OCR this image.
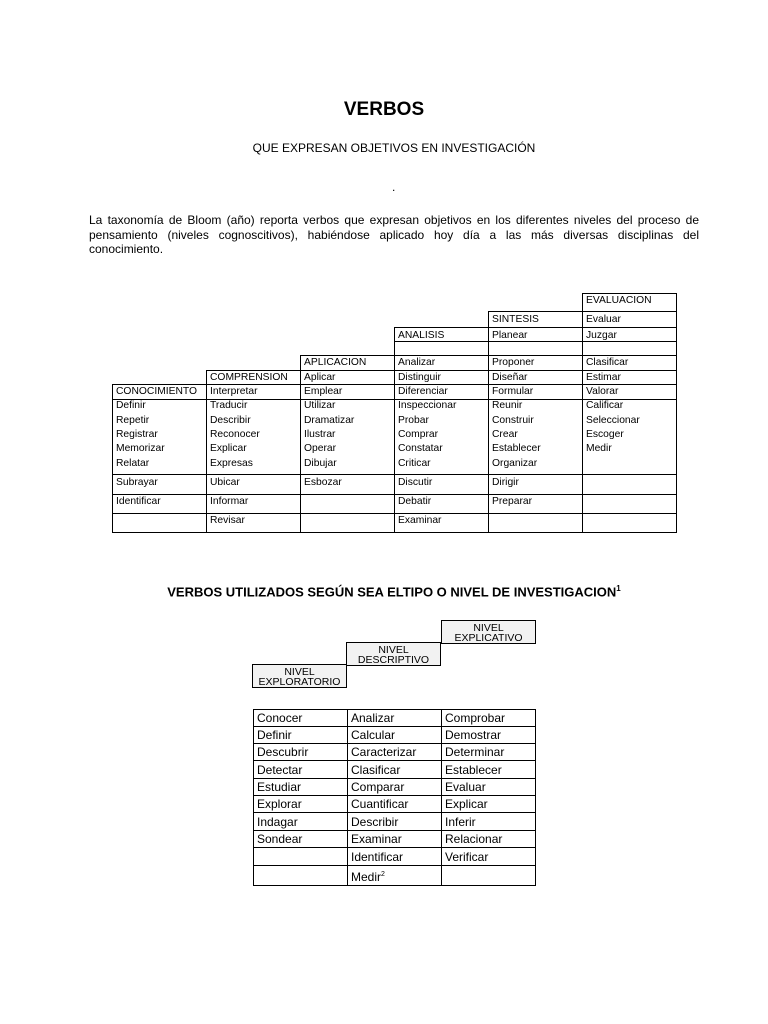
VERBOS
QUE EXPRESAN OBJETIVOS EN INVESTIGACIÓN
.
La taxonomía de Bloom (año) reporta verbos que expresan objetivos en los diferentes niveles del proceso de pensamiento (niveles cognoscitivos), habiéndose aplicado hoy día a las más diversas disciplinas del conocimiento.
CONOCIMIENTO
COMPRENSION
APLICACION
ANALISIS
SINTESIS
EVALUACION
Definir
Repetir
Registrar
Memorizar
Relatar
Subrayar
Identificar
Interpretar
Traducir
Describir
Reconocer
Explicar
Expresas
Ubicar
Informar
Revisar
Aplicar
Emplear
Utilizar
Dramatizar
Ilustrar
Operar
Dibujar
Esbozar
Analizar
Distinguir
Diferenciar
Inspeccionar
Probar
Comprar
Constatar
Criticar
Discutir
Debatir
Examinar
Planear
Proponer
Diseñar
Formular
Reunir
Construir
Crear
Establecer
Organizar
Dirigir
Preparar
Evaluar
Juzgar
Clasificar
Estimar
Valorar
Calificar
Seleccionar
Escoger
Medir
VERBOS UTILIZADOS SEGÚN SEA ELTIPO O NIVEL DE INVESTIGACION$^1$
NIVEL
EXPLORATORIO
NIVEL
DESCRIPTIVO
NIVEL
EXPLICATIVO
Conocer
Definir
Descubrir
Detectar
Estudiar
Explorar
Indagar
Sondear
Analizar
Calcular
Caracterizar
Clasificar
Comparar
Cuantificar
Describir
Examinar
Identificar
Medir$^2$
Comprobar
Demostrar
Determinar
Establecer
Evaluar
Explicar
Inferir
Relacionar
Verificar
